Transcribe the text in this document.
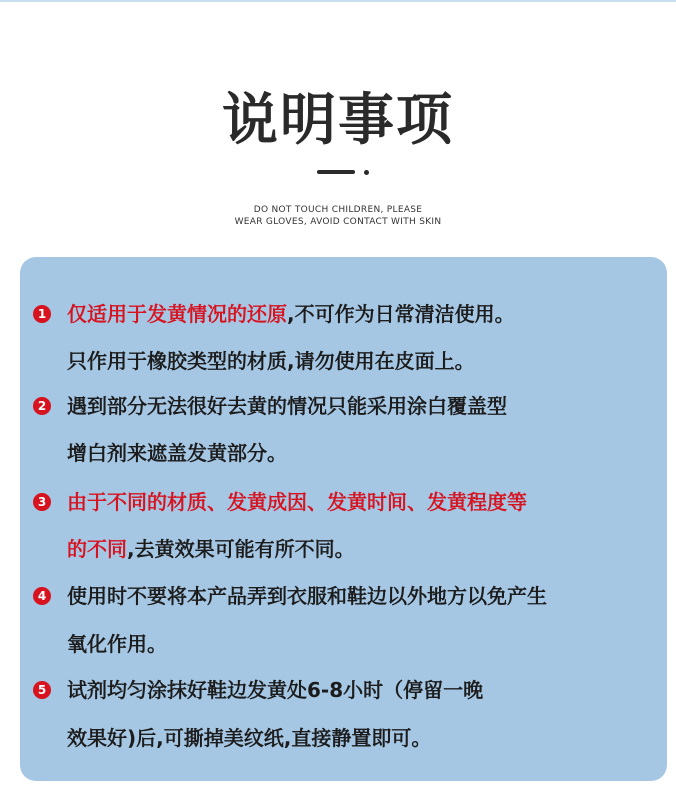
说明事项
DO NOT TOUCH CHILDREN, PLEASE
WEAR GLOVES, AVOID CONTACT WITH SKIN
1 仅适用于发黄情况的还原,不可作为日常清洁使用。
只作用于橡胶类型的材质,请勿使用在皮面上。
2 遇到部分无法很好去黄的情况只能采用涂白覆盖型
增白剂来遮盖发黄部分。
3 由于不同的材质、发黄成因、发黄时间、发黄程度等
的不同,去黄效果可能有所不同。
4 使用时不要将本产品弄到衣服和鞋边以外地方以免产生
氧化作用。
5 试剂均匀涂抹好鞋边发黄处6-8小时（停留一晚
效果好)后,可撕掉美纹纸,直接静置即可。
